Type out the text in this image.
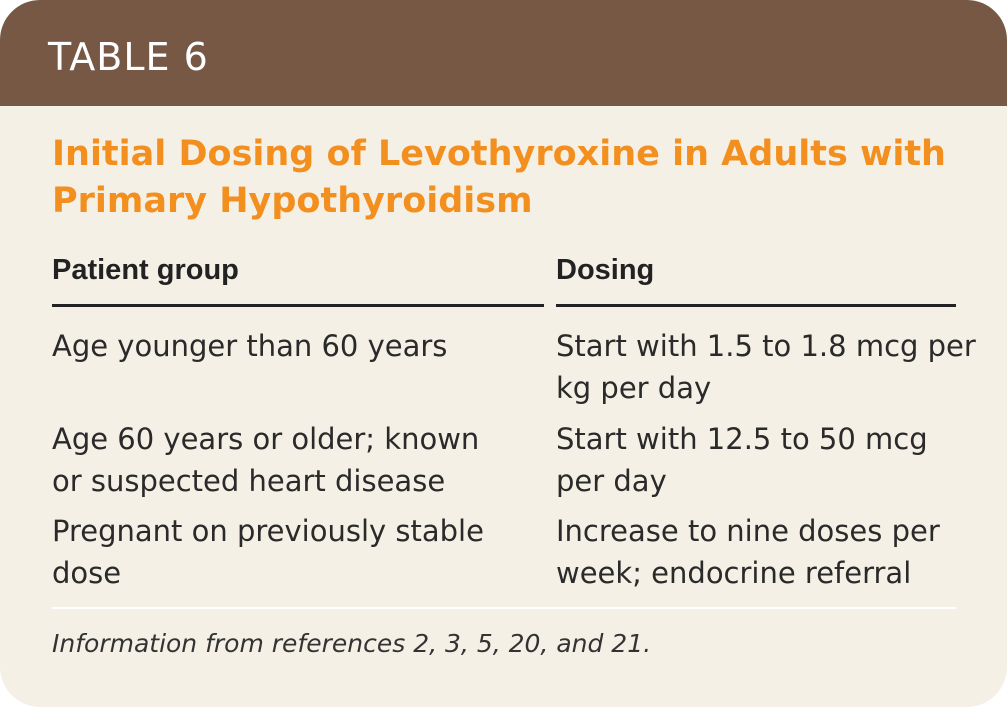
TABLE 6
Initial Dosing of Levothyroxine in Adults with Primary Hypothyroidism
Patient group	Dosing
Age younger than 60 years	Start with 1.5 to 1.8 mcg per kg per day
Age 60 years or older; known or suspected heart disease
Start with 12.5 to 50 mcg per day
Pregnant on previously stable dose
Increase to nine doses per week; endocrine referral
Information from references 2, 3, 5, 20, and 21.
